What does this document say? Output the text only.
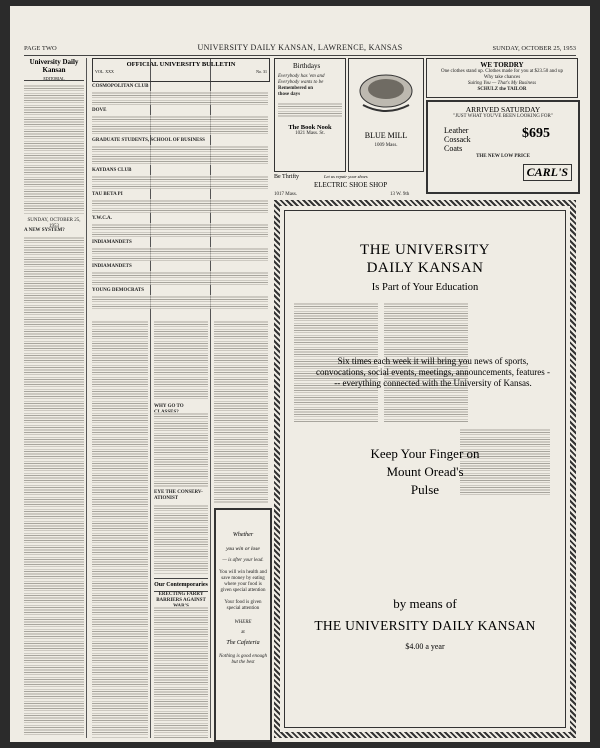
PAGE TWO	UNIVERSITY DAILY KANSAN, LAWRENCE, KANSAS	SUNDAY, OCTOBER 25, 1953
University Daily Kansan
EDITORIAL
SUNDAY, OCTOBER 25, 1953
A NEW SYSTEM?
OFFICIAL UNIVERSITY BULLETIN
VOL. XXX	No. 31
COSMOPOLITAN CLUB
DOVE
GRADUATE STUDENTS, SCHOOL OF BUSINESS
KAYDANS CLUB
TAU BETA PI
Y.W.C.A.
INDIAMANDETS
INDIAMANDETS
YOUNG DEMOCRATS
WHY GO TO
EYE THE CONSERV-ATIONIST
Our Contemporaries
ERECTING FARRY BARRIERS AGAINST
Whether
you win or lose
— is after your lead.
You will win health and save money by eating where your food is given special attention
Your food is given special attention
WHERE
at
The Cafeteria
Nothing is good enough but the best
Birthdays
Everybody has 'em and
Everybody wants to be
Remembered on
those days
The Book Nook
1021 Mass. St.	BLUE MILL
1009 Mass.
WE TORDRY
One clothes stand up. Clothes made for you at $23.50 and up
Why take chances
Suiting You — That's My Business
SCHULZ the TAILOR
ARRIVED SATURDAY
"JUST WHAT YOU'VE BEEN LOOKING FOR"
Leather
Cossack
Coats
$695
THE NEW LOW PRICE
CARL'S
Be Thrifty	Let us repair your shoes
ELECTRIC SHOE SHOP
1017 Mass.	13 W. 9th
THE UNIVERSITY
DAILY KANSAN
Is Part of Your Education
Six times each week it will bring you news of sports, convocations, social events, meetings, announcements, features --- everything connected with the University of Kansas.
Keep Your Finger on
Mount Oread's
Pulse
by means of
THE UNIVERSITY DAILY KANSAN
$4.00 a year
